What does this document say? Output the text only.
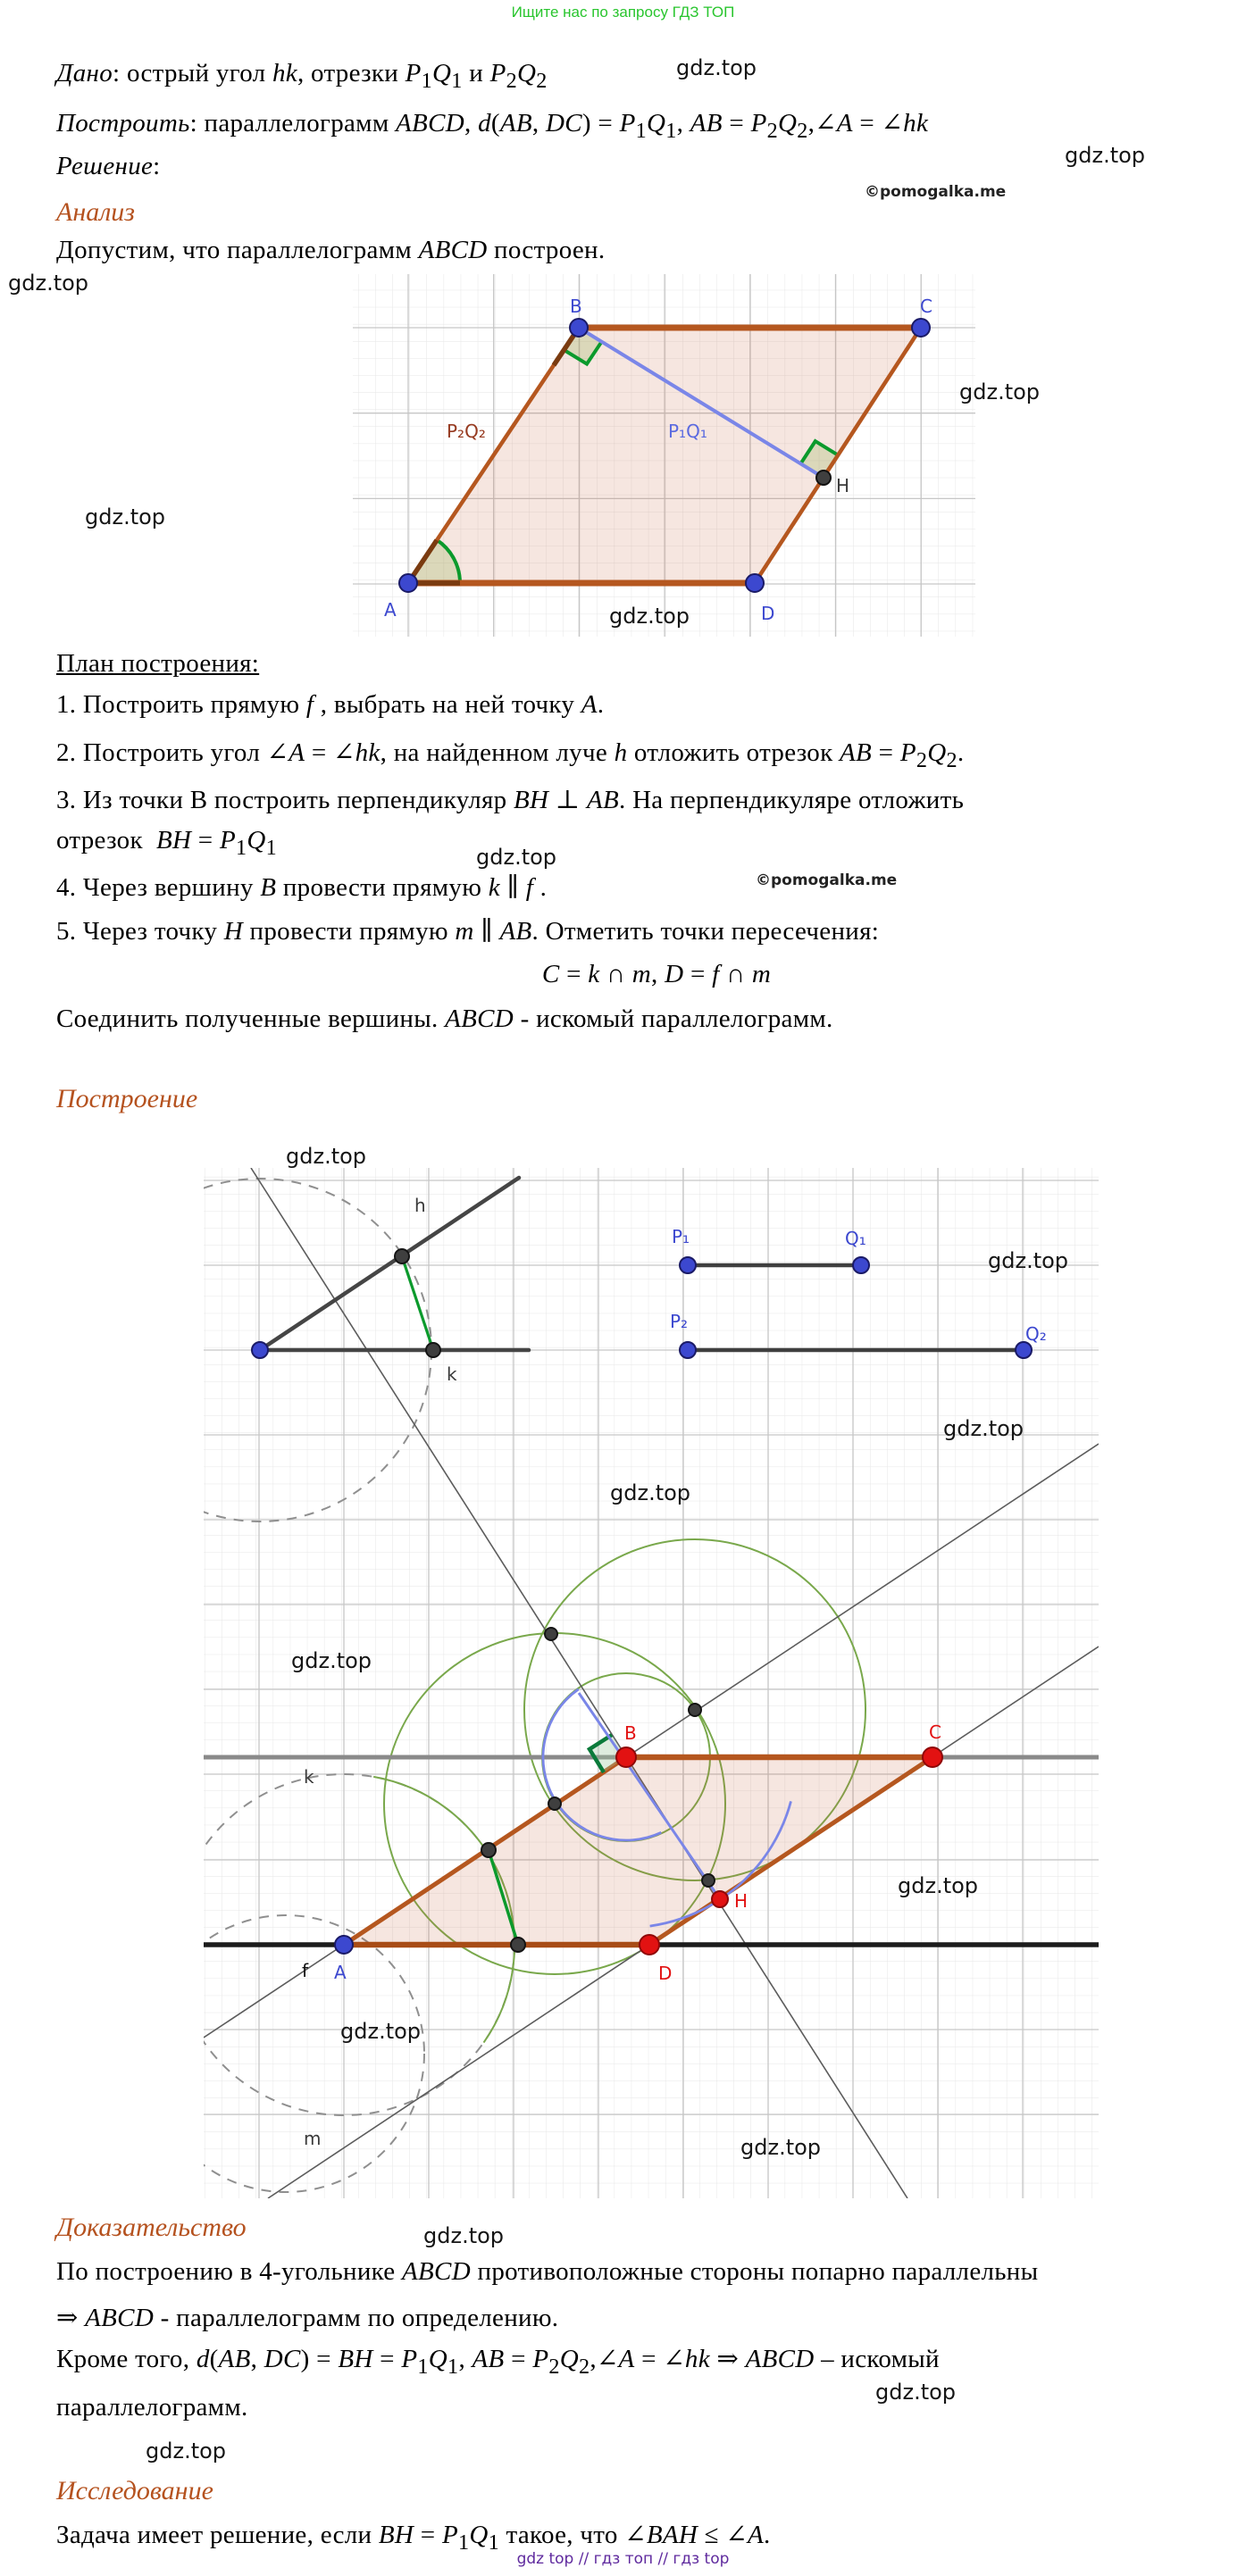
Ищите нас по запросу ГДЗ ТОП
Дано: острый угол hk, отрезки $P_1Q_1$ и $P_2Q_2$
Построить: параллелограмм ABCD, d(AB, $DC) = P_1Q_1$, AB = $P_2Q_2,\angle A$ = ∠hk
Решение:
Анализ
Допустим, что параллелограмм ABCD построен.
A
B	C
D
H
P₂Q₂	P₁Q₁
План построения:
1. Построить прямую f , выбрать на ней точку A.
2. Построить угол ∠A = ∠hk, на найденном луче h отложить отрезок AB = $P_2Q_2$.
3. Из точки B построить перпендикуляр BH ⊥ AB. На перпендикуляре отложить
отрезок  BH = $P_1Q_1$
4. Через вершину B провести прямую k ∥ f .
5. Через точку H провести прямую m ∥ AB. Отметить точки пересечения:
C = k ∩ m, D = f ∩ m
Соединить полученные вершины. ABCD - искомый параллелограмм.
Построение
h
k
P₁	Q₁
P₂
Q₂
k
f
m
B	C
A	D
H
Доказательство
По построению в 4-угольнике ABCD противоположные стороны попарно параллельны
⇒ ABCD - параллелограмм по определению.
Кроме того, d(AB, DC) = BH = $P_1Q_1$, AB = $P_2Q_2,\angle A$ = ∠hk ⇒ ABCD – искомый
параллелограмм.
Исследование
Задача имеет решение, если BH = $P_1Q_1$ такое, что ∠BAH ≤ ∠A.
gdz.top
gdz.top
gdz.top
gdz.top
gdz.top
gdz.top
gdz.top
gdz.top
gdz.top
gdz.top
gdz.top
gdz.top
gdz.top
gdz.top
gdz.top
gdz.top
gdz.top
gdz.top
©pomogalka.me
©pomogalka.me
gdz top // гдз топ // гдз top
